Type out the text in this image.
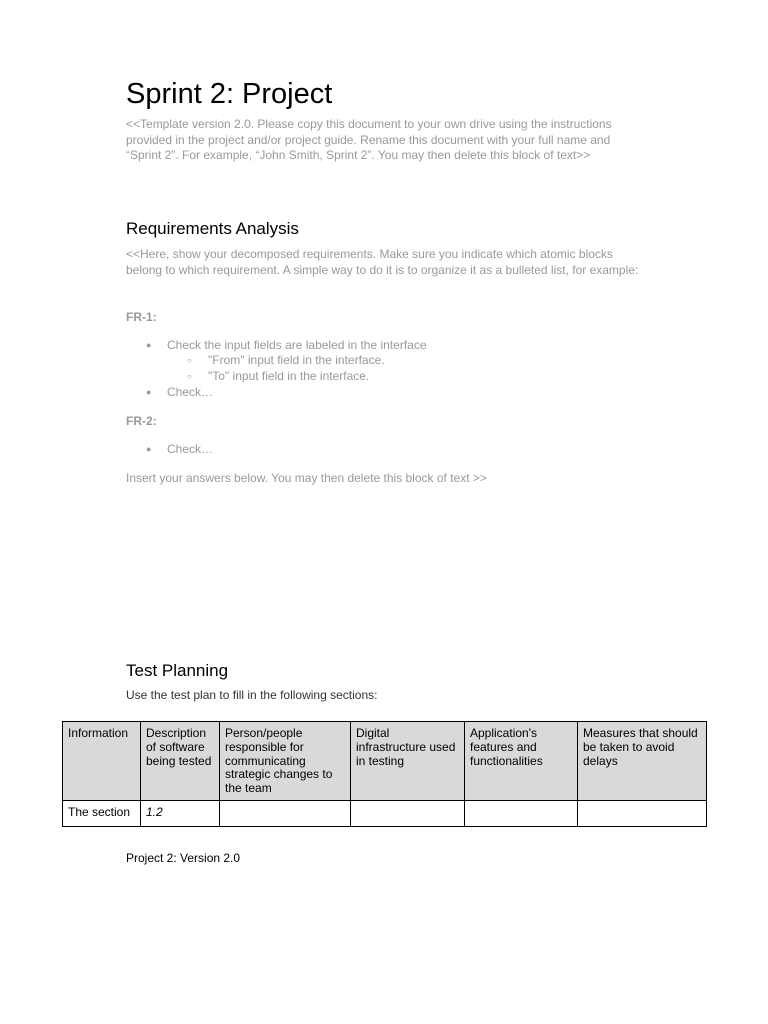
Sprint 2: Project

<<Template version 2.0. Please copy this document to your own drive using the instructions provided in the project and/or project guide. Rename this document with your full name and “Sprint 2”. For example, “John Smith, Sprint 2”. You may then delete this block of text>>

Requirements Analysis

<<Here, show your decomposed requirements. Make sure you indicate which atomic blocks belong to which requirement. A simple way to do it is to organize it as a bulleted list, for example:

FR-1:

●	Check the input fields are labeled in the interface
○	"From" input field in the interface.
○	"To" input field in the interface.
●	Check…

FR-2:

●	Check…

Insert your answers below. You may then delete this block of text >>

Test Planning

Use the test plan to fill in the following sections:

Information	Description of software being tested	Person/people responsible for communicating strategic changes to the team	Digital infrastructure used in testing	Application's features and functionalities	Measures that should be taken to avoid delays
The section	1.2				

Project 2: Version 2.0
